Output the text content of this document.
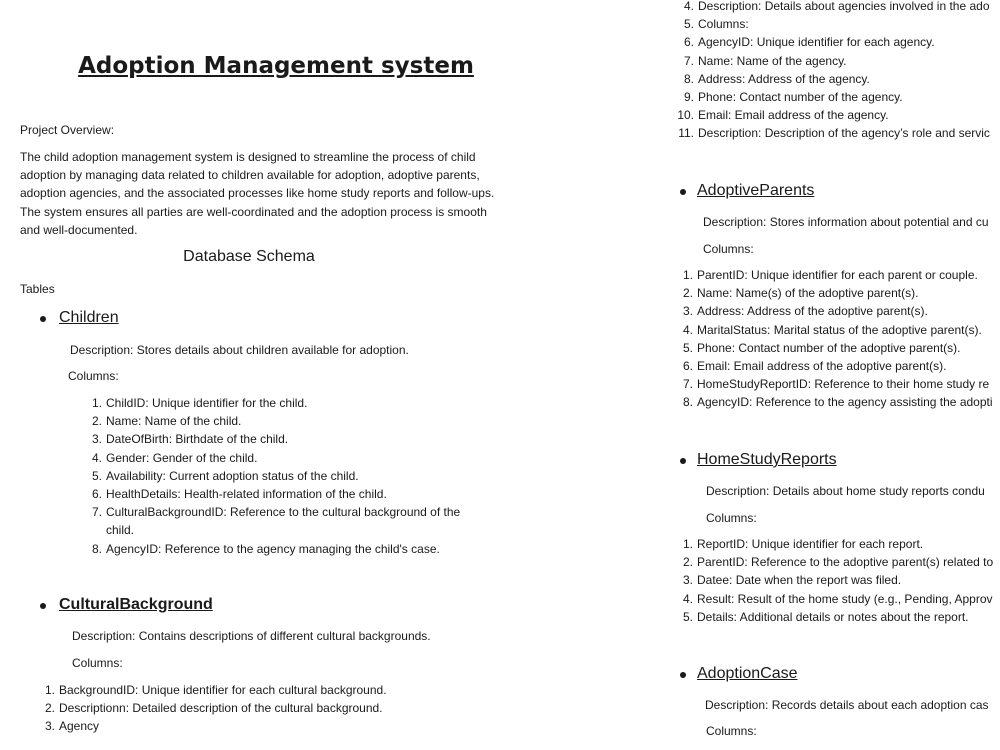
Adoption Management system
Project Overview:
The child adoption management system is designed to streamline the process of child adoption by managing data related to children available for adoption, adoptive parents, adoption agencies, and the associated processes like home study reports and follow-ups. The system ensures all parties are well-coordinated and the adoption process is smooth and well-documented.
Database Schema
Tables
Children
Description: Stores details about children available for adoption.
Columns:
1. ChildID: Unique identifier for the child.
2. Name: Name of the child.
3. DateOfBirth: Birthdate of the child.
4. Gender: Gender of the child.
5. Availability: Current adoption status of the child.
6. HealthDetails: Health-related information of the child.
7. CulturalBackgroundID: Reference to the cultural background of the child.
8. AgencyID: Reference to the agency managing the child's case.
CulturalBackground
Description: Contains descriptions of different cultural backgrounds.
Columns:
1. BackgroundID: Unique identifier for each cultural background.
2. Descriptionn: Detailed description of the cultural background.
3. Agency
4. Description: Details about agencies involved in the ado
5. Columns:
6. AgencyID: Unique identifier for each agency.
7. Name: Name of the agency.
8. Address: Address of the agency.
9. Phone: Contact number of the agency.
10. Email: Email address of the agency.
11. Description: Description of the agency’s role and servic
AdoptiveParents
Description: Stores information about potential and cu
Columns:
1. ParentID: Unique identifier for each parent or couple.
2. Name: Name(s) of the adoptive parent(s).
3. Address: Address of the adoptive parent(s).
4. MaritalStatus: Marital status of the adoptive parent(s).
5. Phone: Contact number of the adoptive parent(s).
6. Email: Email address of the adoptive parent(s).
7. HomeStudyReportID: Reference to their home study re
8. AgencyID: Reference to the agency assisting the adopti
HomeStudyReports
Description: Details about home study reports condu
Columns:
1. ReportID: Unique identifier for each report.
2. ParentID: Reference to the adoptive parent(s) related to
3. Datee: Date when the report was filed.
4. Result: Result of the home study (e.g., Pending, Approv
5. Details: Additional details or notes about the report.
AdoptionCase
Description: Records details about each adoption cas
Columns:
